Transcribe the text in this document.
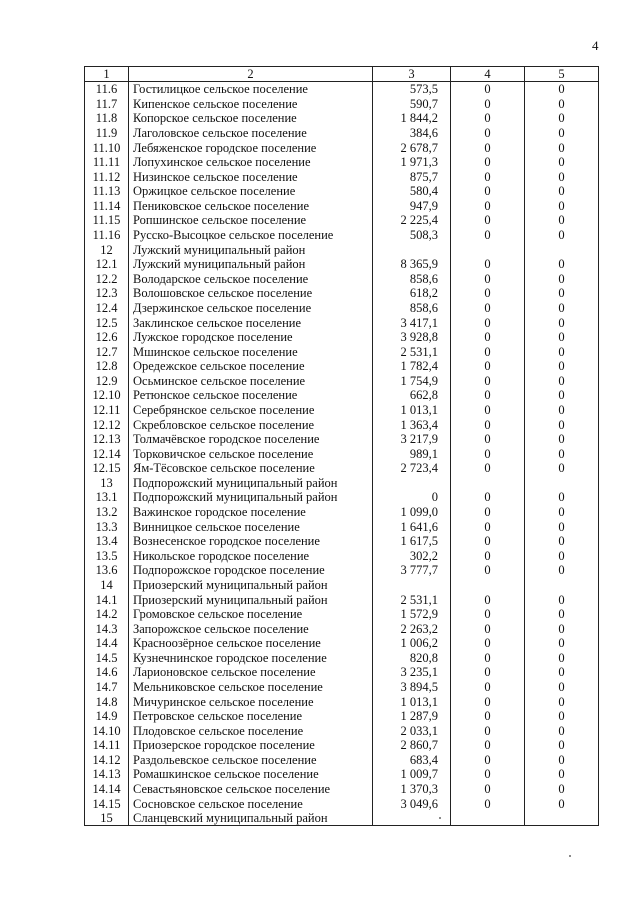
4
1	2	3	4	5
11.6	Гостилицкое сельское поселение	573,5	0	0
11.7	Кипенское сельское поселение	590,7	0	0
11.8	Копорское сельское поселение	1 844,2	0	0
11.9	Лаголовское сельское поселение	384,6	0	0
11.10	Лебяженское городское поселение	2 678,7	0	0
11.11	Лопухинское сельское поселение	1 971,3	0	0
11.12	Низинское сельское поселение	875,7	0	0
11.13	Оржицкое сельское поселение	580,4	0	0
11.14	Пениковское сельское поселение	947,9	0	0
11.15	Ропшинское сельское поселение	2 225,4	0	0
11.16	Русско-Высоцкое сельское поселение	508,3	0	0
12	Лужский муниципальный район			
12.1	Лужский муниципальный район	8 365,9	0	0
12.2	Володарское сельское поселение	858,6	0	0
12.3	Волошовское сельское поселение	618,2	0	0
12.4	Дзержинское сельское поселение	858,6	0	0
12.5	Заклинское сельское поселение	3 417,1	0	0
12.6	Лужское городское поселение	3 928,8	0	0
12.7	Мшинское сельское поселение	2 531,1	0	0
12.8	Оредежское сельское поселение	1 782,4	0	0
12.9	Осьминское сельское поселение	1 754,9	0	0
12.10	Ретюнское сельское поселение	662,8	0	0
12.11	Серебрянское сельское поселение	1 013,1	0	0
12.12	Скребловское сельское поселение	1 363,4	0	0
12.13	Толмачёвское городское поселение	3 217,9	0	0
12.14	Торковичское сельское поселение	989,1	0	0
12.15	Ям-Тёсовское сельское поселение	2 723,4	0	0
13	Подпорожский муниципальный район			
13.1	Подпорожский муниципальный район	0	0	0
13.2	Важинское городское поселение	1 099,0	0	0
13.3	Винницкое сельское поселение	1 641,6	0	0
13.4	Вознесенское городское поселение	1 617,5	0	0
13.5	Никольское городское поселение	302,2	0	0
13.6	Подпорожское городское поселение	3 777,7	0	0
14	Приозерский муниципальный район			
14.1	Приозерский муниципальный район	2 531,1	0	0
14.2	Громовское сельское поселение	1 572,9	0	0
14.3	Запорожское сельское поселение	2 263,2	0	0
14.4	Красноозёрное сельское поселение	1 006,2	0	0
14.5	Кузнечнинское городское поселение	820,8	0	0
14.6	Ларионовское сельское поселение	3 235,1	0	0
14.7	Мельниковское сельское поселение	3 894,5	0	0
14.8	Мичуринское сельское поселение	1 013,1	0	0
14.9	Петровское сельское поселение	1 287,9	0	0
14.10	Плодовское сельское поселение	2 033,1	0	0
14.11	Приозерское городское поселение	2 860,7	0	0
14.12	Раздольевское сельское поселение	683,4	0	0
14.13	Ромашкинское сельское поселение	1 009,7	0	0
14.14	Севастьяновское сельское поселение	1 370,3	0	0
14.15	Сосновское сельское поселение	3 049,6	0	0
15	Сланцевский муниципальный район			
